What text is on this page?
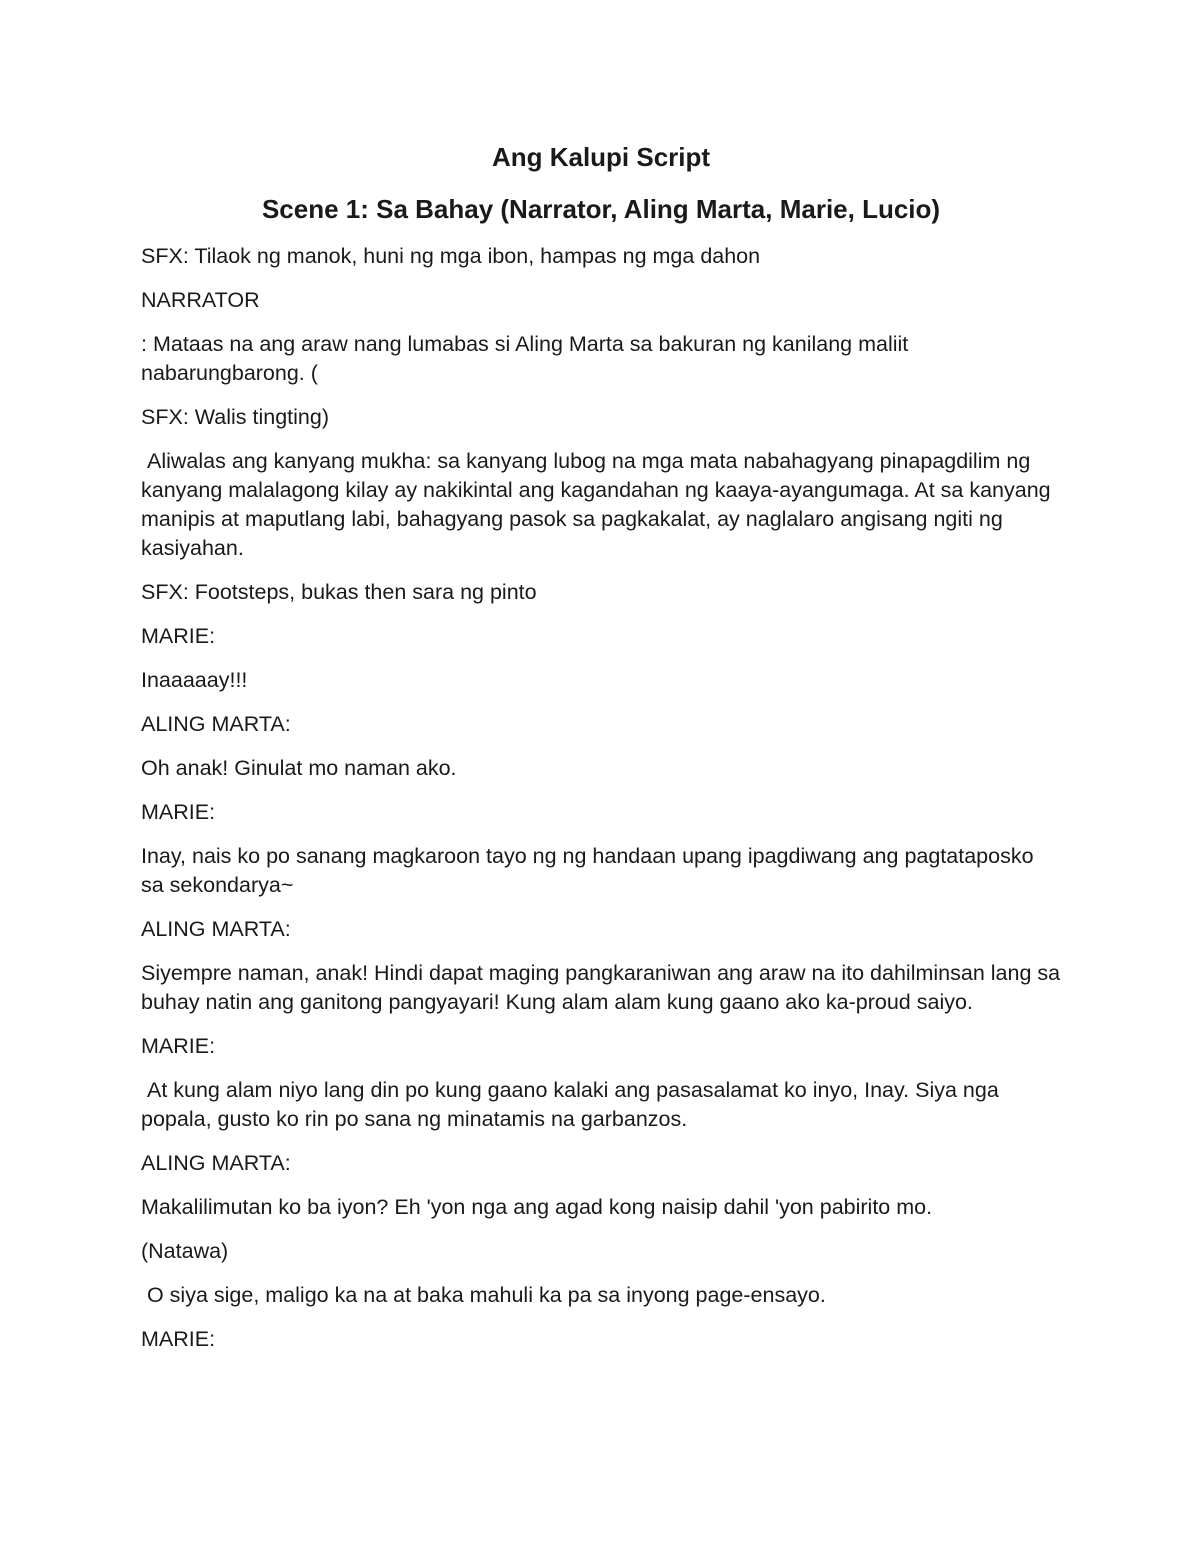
Ang Kalupi Script
Scene 1: Sa Bahay (Narrator, Aling Marta, Marie, Lucio)
SFX: Tilaok ng manok, huni ng mga ibon, hampas ng mga dahon
NARRATOR
: Mataas na ang araw nang lumabas si Aling Marta sa bakuran ng kanilang maliit nabarungbarong. (
SFX: Walis tingting)
Aliwalas ang kanyang mukha: sa kanyang lubog na mga mata nabahagyang pinapagdilim ng kanyang malalagong kilay ay nakikintal ang kagandahan ng kaaya-ayangumaga. At sa kanyang manipis at maputlang labi, bahagyang pasok sa pagkakalat, ay naglalaro angisang ngiti ng kasiyahan.
SFX: Footsteps, bukas then sara ng pinto
MARIE:
Inaaaaay!!!
ALING MARTA:
Oh anak! Ginulat mo naman ako.
MARIE:
Inay, nais ko po sanang magkaroon tayo ng ng handaan upang ipagdiwang ang pagtataposko sa sekondarya~
ALING MARTA:
Siyempre naman, anak! Hindi dapat maging pangkaraniwan ang araw na ito dahilminsan lang sa buhay natin ang ganitong pangyayari! Kung alam alam kung gaano ako ka-proud saiyo.
MARIE:
At kung alam niyo lang din po kung gaano kalaki ang pasasalamat ko inyo, Inay. Siya nga popala, gusto ko rin po sana ng minatamis na garbanzos.
ALING MARTA:
Makalilimutan ko ba iyon? Eh 'yon nga ang agad kong naisip dahil 'yon pabirito mo.
(Natawa)
O siya sige, maligo ka na at baka mahuli ka pa sa inyong page-ensayo.
MARIE:
